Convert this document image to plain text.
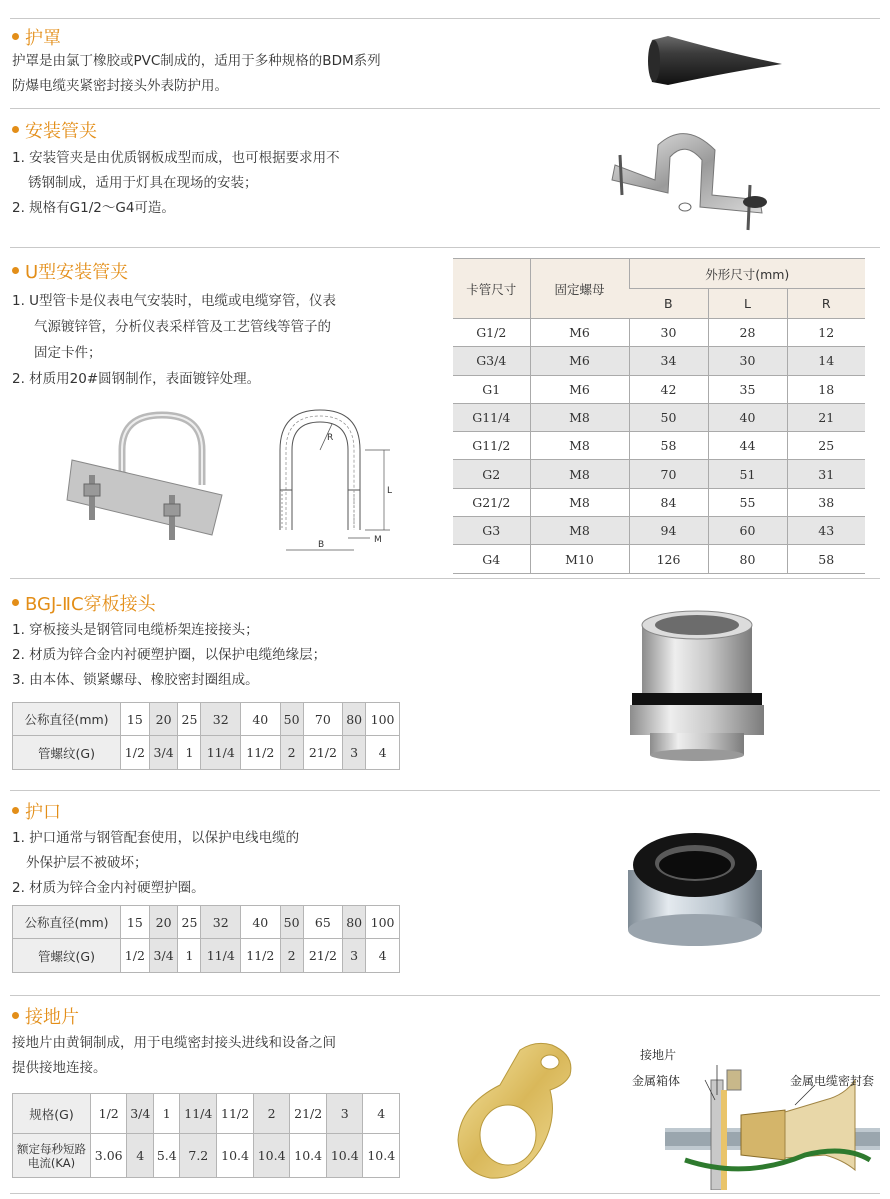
护罩
护罩是由氯丁橡胶或PVC制成的，适用于多种规格的BDM系列
防爆电缆夹紧密封接头外表防护用。
安装管夹
1. 安装管夹是由优质钢板成型而成，也可根据要求用不
锈钢制成，适用于灯具在现场的安装；
2. 规格有G1/2～G4可造。
U型安装管夹
1. U型管卡是仪表电气安装时，电缆或电缆穿管，仪表
气源镀锌管，分析仪表采样管及工艺管线等管子的
固定卡件；
2. 材质用20#圆钢制作，表面镀锌处理。
R
L
B	M
卡管尺寸	固定螺母	外形尺寸(mm)		
		B	L	R
G1/2	M6	30	28	12
G3/4	M6	34	30	14
G1	M6	42	35	18
G11/4	M8	50	40	21
G11/2	M8	58	44	25
G2	M8	70	51	31
G21/2	M8	84	55	38
G3	M8	94	60	43
G4	M10	126	80	58
BGJ-ⅡC穿板接头
1. 穿板接头是钢管同电缆桥架连接接头；
2. 材质为锌合金内衬硬塑护圈，以保护电缆绝缘层；
3. 由本体、锁紧螺母、橡胶密封圈组成。
公称直径(mm)	15	20	25	32	40	50	70	80	100
管螺纹(G)	1/2	3/4	1	11/4	11/2	2	21/2	3	4
护口
1. 护口通常与钢管配套使用，以保护电线电缆的
外保护层不被破坏；
2. 材质为锌合金内衬硬塑护圈。
公称直径(mm)	15	20	25	32	40	50	65	80	100
管螺纹(G)	1/2	3/4	1	11/4	11/2	2	21/2	3	4
接地片
接地片由黄铜制成，用于电缆密封接头进线和设备之间
提供接地连接。
规格(G)	1/2	3/4	1	11/4	11/2	2	21/2	3	4

额定每秒短路
电流(KA)	3.06	4	5.4	7.2	10.4	10.4	10.4	10.4	10.4
接地片
金属箱体	金属电缆密封套
